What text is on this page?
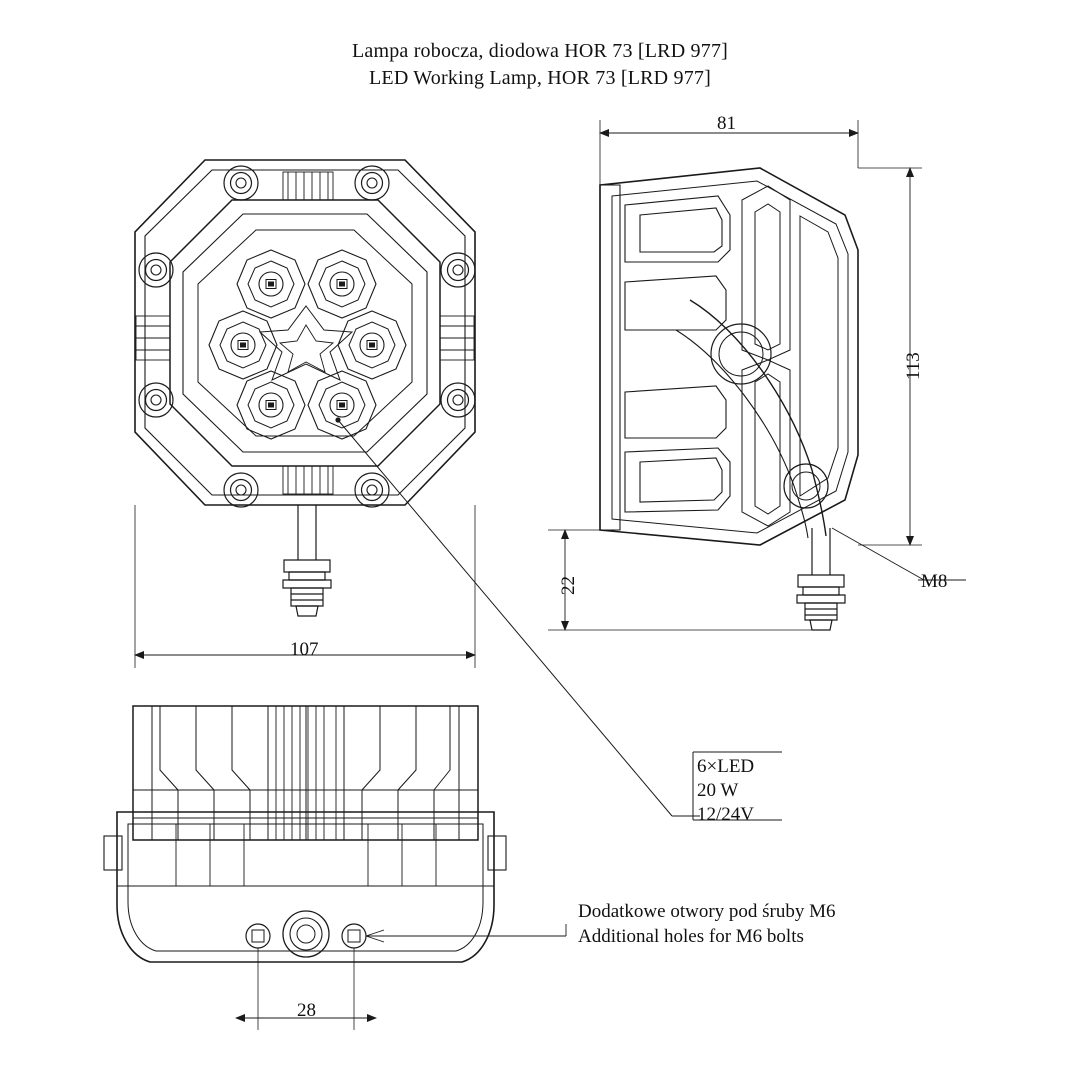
Lampa robocza, diodowa HOR 73 [LRD 977]
LED Working Lamp, HOR 73 [LRD 977]
107
81
113
22
28
M8
6×LED
20 W
12/24V
Dodatkowe otwory pod śruby M6
Additional holes for M6 bolts
